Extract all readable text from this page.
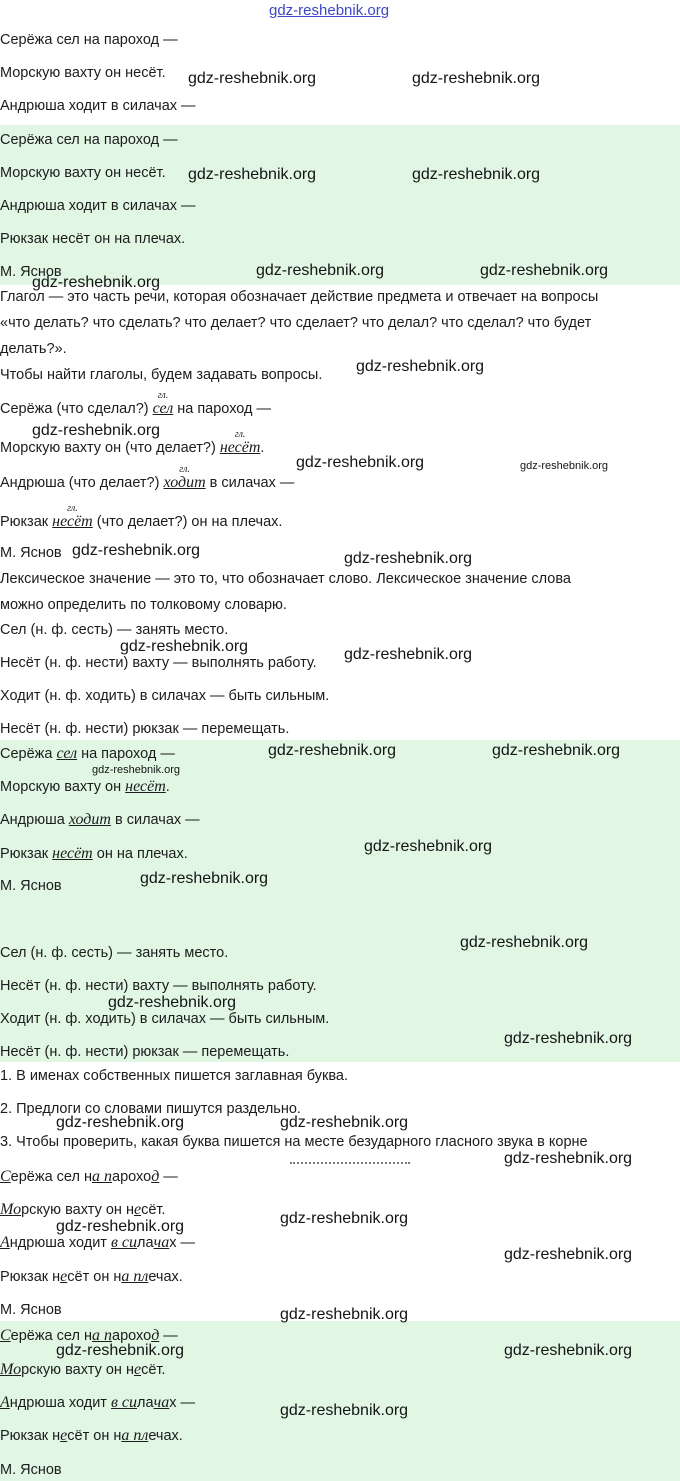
gdz-reshebnik.org
Серёжа сел на пароход —
Морскую вахту он несёт.
Андрюша ходит в силачах —
Серёжа сел на пароход —
Морскую вахту он несёт.
Андрюша ходит в силачах —
Рюкзак несёт он на плечах.
М. Яснов
Глагол — это часть речи, которая обозначает действие предмета и отвечает на вопросы
«что делать? что сделать? что делает? что сделает? что делал? что сделал? что будет
делать?».
Чтобы найти глаголы, будем задавать вопросы.
Серёжа (что сделал?)
гл.
сел на пароход —
Морскую вахту он (что делает?)
гл.
несёт.
Андрюша (что делает?)
гл.
ходит в силачах —
Рюкзак
гл.
несёт (что делает?) он на плечах.
М. Яснов
Лексическое значение — это то, что обозначает слово. Лексическое значение слова
можно определить по толковому словарю.
Сел (н. ф. сесть) — занять место.
Несёт (н. ф. нести) вахту — выполнять работу.
Ходит (н. ф. ходить) в силачах — быть сильным.
Несёт (н. ф. нести) рюкзак — перемещать.
Серёжа сел на пароход —
Морскую вахту он несёт.
Андрюша ходит в силачах —
Рюкзак несёт он на плечах.
М. Яснов
Сел (н. ф. сесть) — занять место.
Несёт (н. ф. нести) вахту — выполнять работу.
Ходит (н. ф. ходить) в силачах — быть сильным.
Несёт (н. ф. нести) рюкзак — перемещать.
1. В именах собственных пишется заглавная буква.
2. Предлоги со словами пишутся раздельно.
3. Чтобы проверить, какая буква пишется на месте безударного гласного звука в корне
Серёжа сел на пароход —
Морскую вахту он несёт.
Андрюша ходит в силачах —
Рюкзак несёт он на плечах.
М. Яснов
Серёжа сел на пароход —
Морскую вахту он несёт.
Андрюша ходит в силачах —
Рюкзак несёт он на плечах.
М. Яснов
gdz-reshebnik.org	gdz-reshebnik.org
gdz-reshebnik.org	gdz-reshebnik.org
gdz-reshebnik.org	gdz-reshebnik.org
gdz-reshebnik.org
gdz-reshebnik.org
gdz-reshebnik.org
gdz-reshebnik.org	gdz-reshebnik.org
gdz-reshebnik.org	gdz-reshebnik.org
gdz-reshebnik.org	gdz-reshebnik.org
gdz-reshebnik.org	gdz-reshebnik.org
gdz-reshebnik.org
gdz-reshebnik.org
gdz-reshebnik.org
gdz-reshebnik.org
gdz-reshebnik.org
gdz-reshebnik.org
gdz-reshebnik.org	gdz-reshebnik.org
gdz-reshebnik.org
gdz-reshebnik.org
gdz-reshebnik.org
gdz-reshebnik.org
gdz-reshebnik.org
gdz-reshebnik.org	gdz-reshebnik.org
gdz-reshebnik.org
